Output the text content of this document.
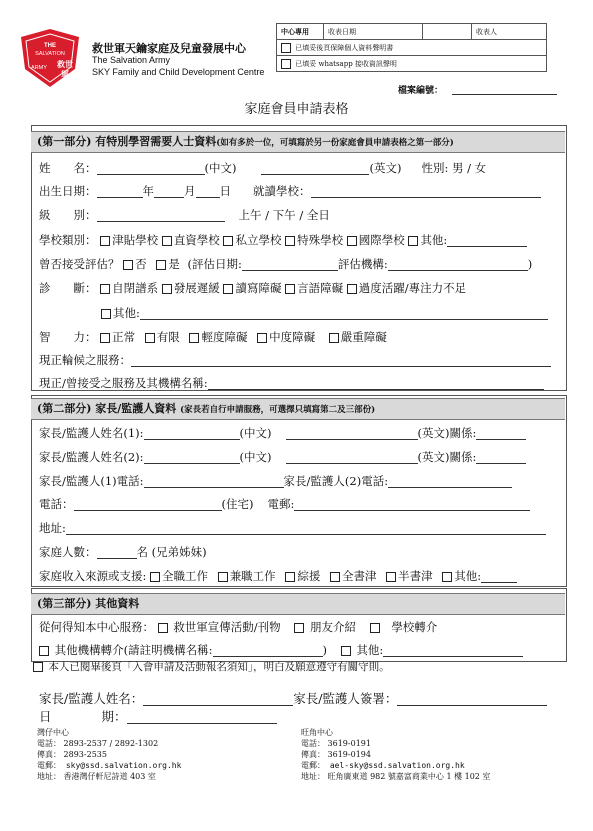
THE
SALVATION
救世
軍
ARMY
救世軍天鑰家庭及兒童發展中心
The Salvation Army
SKY Family and Child Development Centre
中心專用	收表日期		收表人
已填妥後頁保障個人資料聲明書
已填妥 whatsapp 接收資訊聲明
檔案編號：
家庭會員申請表格
(第一部分) 有特別學習需要人士資料(如有多於一位，可填寫於另一份家庭會員申請表格之第一部分)
姓　　名：	(中文)	(英文) 性別: 男 / 女
出生日期：	年	月 日 就讀學校：
級　　別：	上午 / 下午 / 全日
學校類別： 津貼學校 直資學校 私立學校 特殊學校 國際學校 其他:
曾否接受評估？ 否 是 (評估日期:	評估機構:	)
診　　斷： 自閉譜系 發展遲緩 讀寫障礙 言語障礙 過度活躍/專注力不足
其他:
智　　力： 正常 有限 輕度障礙 中度障礙 嚴重障礙
現正輪候之服務：
現正/曾接受之服務及其機構名稱:
(第二部分) 家長/監護人資料 (家長若自行申請服務，可選擇只填寫第二及三部份)
家長/監護人姓名(1):	(中文)	(英文)關係:
家長/監護人姓名(2):	(中文)	(英文)關係:
家長/監護人(1)電話:	家長/監護人(2)電話:
電話：	(住宅) 電郵:
地址:
家庭人數：	名 (兄弟姊妹)
家庭收入來源或支援: 全職工作 兼職工作 綜援 全書津 半書津 其他:
(第三部分) 其他資料
從何得知本中心服務： 救世軍宣傳活動/刊物	朋友介紹	學校轉介
其他機構轉介(請註明機構名稱:	)	其他:
本人已閱畢後頁「入會申請及活動報名須知」，明白及願意遵守有關守則。
家長/監護人姓名：	家長/監護人簽署：
日　　　　期：
灣仔中心
電話： 2893-2537 / 2892-1302
傳真： 2893-2535
電郵： sky@ssd.salvation.org.hk
地址： 香港灣仔軒尼詩道 403 室
旺角中心
電話： 3619-0191
傳真： 3619-0194
電郵： ael-sky@ssd.salvation.org.hk
地址： 旺角廣東道 982 號嘉富商業中心 1 樓 102 室
